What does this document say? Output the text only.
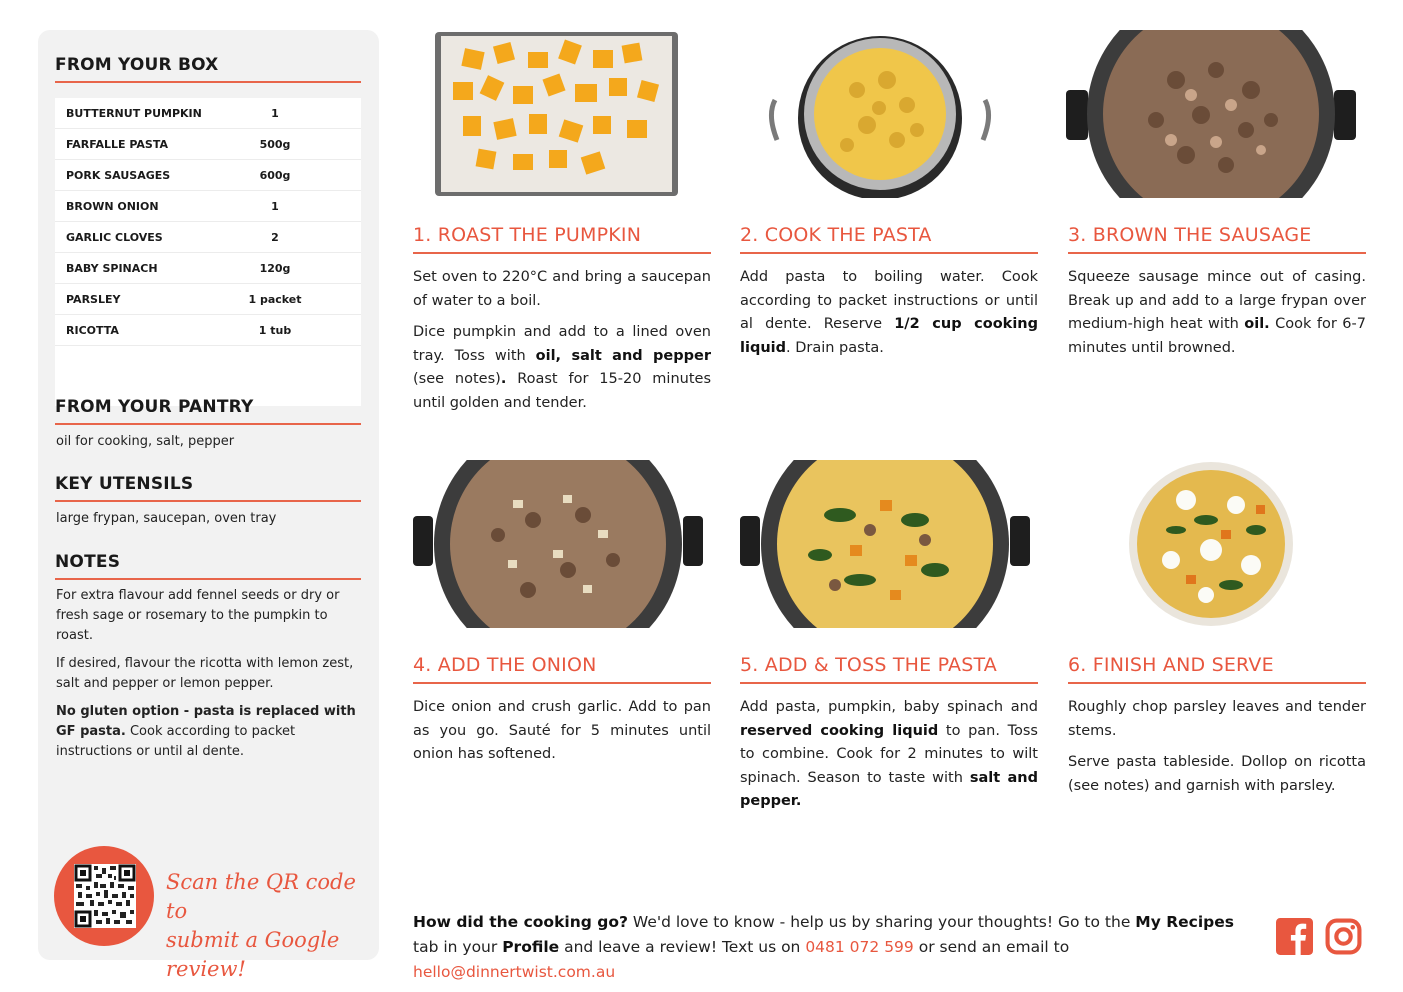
FROM YOUR BOX
BUTTERNUT PUMPKIN	1
FARFALLE PASTA	500g
PORK SAUSAGES	600g
BROWN ONION	1
GARLIC CLOVES	2
BABY SPINACH	120g
PARSLEY	1 packet
RICOTTA	1 tub
FROM YOUR PANTRY
oil for cooking, salt, pepper
KEY UTENSILS
large frypan, saucepan, oven tray
NOTES

For extra flavour add fennel seeds or dry or fresh sage or rosemary to the pumpkin to roast.

If desired, flavour the ricotta with lemon zest, salt and pepper or lemon pepper.

No gluten option - pasta is replaced with GF pasta. Cook according to packet instructions or until al dente.

Scan the QR code to
submit a Google review!
1. ROAST THE PUMPKIN

Set oven to 220°C and bring a saucepan of water to a boil.

Dice pumpkin and add to a lined oven tray. Toss with oil, salt and pepper (see notes). Roast for 15-20 minutes until golden and tender.

2. COOK THE PASTA

Add pasta to boiling water. Cook according to packet instructions or until al dente. Reserve 1/2 cup cooking liquid. Drain pasta.

3. BROWN THE SAUSAGE

Squeeze sausage mince out of casing. Break up and add to a large frypan over medium-high heat with oil. Cook for 6-7 minutes until browned.

4. ADD THE ONION

Dice onion and crush garlic. Add to pan as you go. Sauté for 5 minutes until onion has softened.

5. ADD & TOSS THE PASTA

Add pasta, pumpkin, baby spinach and reserved cooking liquid to pan. Toss to combine. Cook for 2 minutes to wilt spinach. Season to taste with salt and pepper.

6. FINISH AND SERVE

Roughly chop parsley leaves and tender stems.

Serve pasta tableside. Dollop on ricotta (see notes) and garnish with parsley.

How did the cooking go? We'd love to know - help us by sharing your thoughts! Go to the My Recipes tab in your Profile and leave a review! Text us on 0481 072 599 or send an email to hello@dinnertwist.com.au
